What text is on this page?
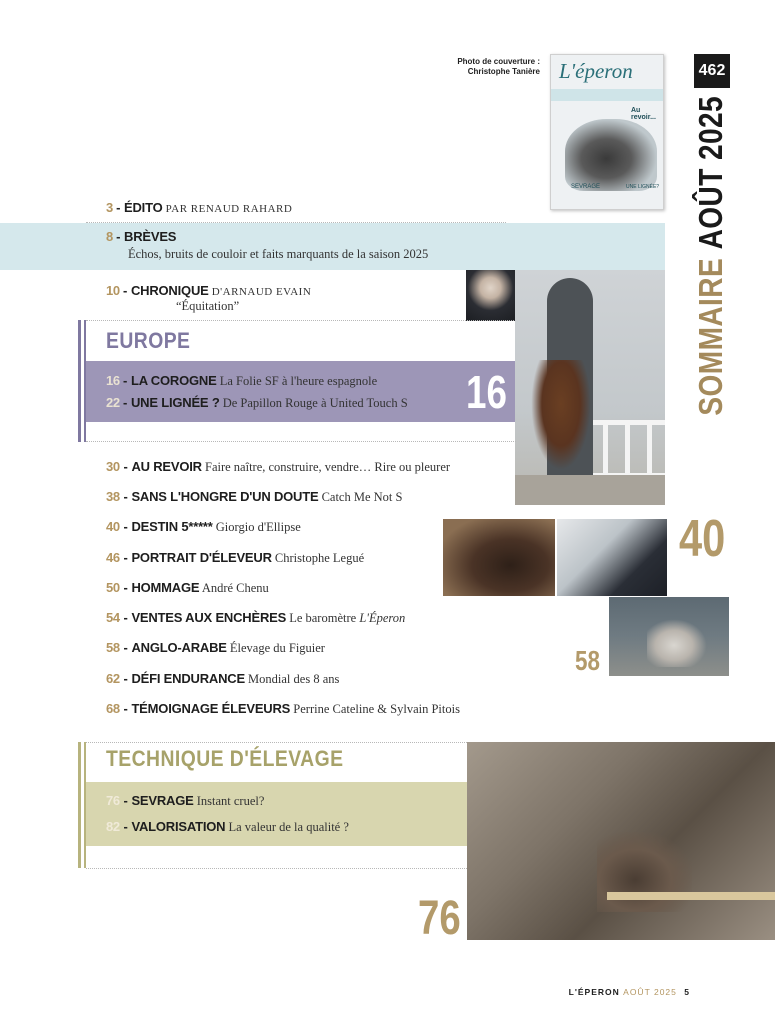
Photo de couverture :
Christophe Tanière L'éperon
Au revoir...
SEVRAGE	UNE LIGNÉE?
462
SOMMAIREAOÛT 2025
3 - ÉDITO PAR RENAUD RAHARD
8 - BRÈVES
Échos, bruits de couloir et faits marquants de la saison 2025
10 - CHRONIQUE D'ARNAUD EVAIN
“Équitation”
EUROPE
16 - LA COROGNE La Folie SF à l'heure espagnole
22 - UNE LIGNÉE ? De Papillon Rouge à United Touch S 16
30 - AU REVOIR Faire naître, construire, vendre… Rire ou pleurer
38 - SANS L'HONGRE D'UN DOUTE Catch Me Not S
40 - DESTIN 5***** Giorgio d'Ellipse
46 - PORTRAIT D'ÉLEVEUR Christophe Legué
50 - HOMMAGE André Chenu
54 - VENTES AUX ENCHÈRES Le baromètre L'Éperon
58 - ANGLO-ARABE Élevage du Figuier
62 - DÉFI ENDURANCE Mondial des 8 ans
68 - TÉMOIGNAGE ÉLEVEURS Perrine Cateline & Sylvain Pitois
40
58
TECHNIQUE D'ÉLEVAGE
76 - SEVRAGE Instant cruel?
82 - VALORISATION La valeur de la qualité ?
76
L'ÉPERON AOÛT 2025 5
